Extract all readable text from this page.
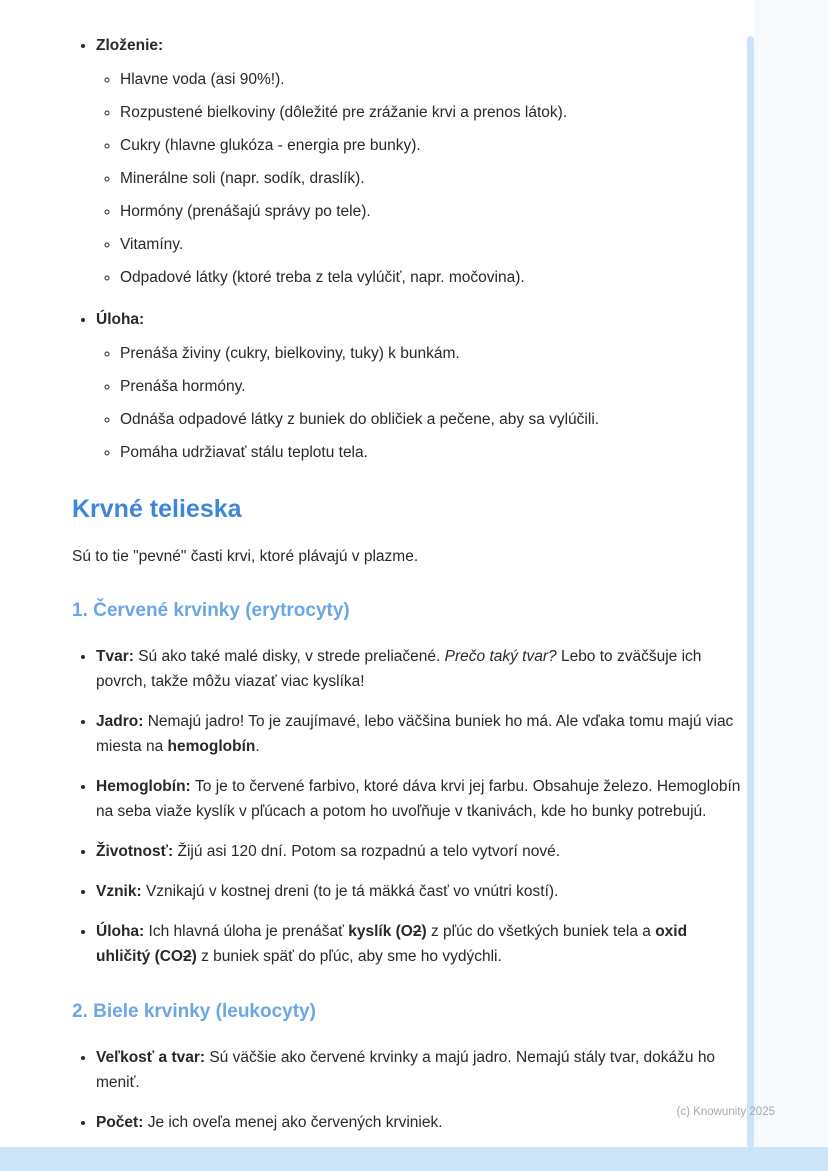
• Zloženie:
◦ Hlavne voda (asi 90%!).
◦ Rozpustené bielkoviny (dôležité pre zrážanie krvi a prenos látok).
◦ Cukry (hlavne glukóza - energia pre bunky).
◦ Minerálne soli (napr. sodík, draslík).
◦ Hormóny (prenášajú správy po tele).
◦ Vitamíny.
◦ Odpadové látky (ktoré treba z tela vylúčiť, napr. močovina).
• Úloha:
◦ Prenáša živiny (cukry, bielkoviny, tuky) k bunkám.
◦ Prenáša hormóny.
◦ Odnáša odpadové látky z buniek do obličiek a pečene, aby sa vylúčili.
◦ Pomáha udržiavať stálu teplotu tela.
Krvné telieska

Sú to tie "pevné" časti krvi, ktoré plávajú v plazme.

1. Červené krvinky (erytrocyty)
• Tvar: Sú ako také malé disky, v strede preliačené. Prečo taký tvar? Lebo to zväčšuje ich povrch, takže môžu viazať viac kyslíka!
• Jadro: Nemajú jadro! To je zaujímavé, lebo väčšina buniek ho má. Ale vďaka tomu majú viac miesta na hemoglobín.
• Hemoglobín: To je to červené farbivo, ktoré dáva krvi jej farbu. Obsahuje železo. Hemoglobín na seba viaže kyslík v pľúcach a potom ho uvoľňuje v tkanivách, kde ho bunky potrebujú.
• Životnosť: Žijú asi 120 dní. Potom sa rozpadnú a telo vytvorí nové.
• Vznik: Vznikajú v kostnej dreni (to je tá mäkká časť vo vnútri kostí).
• Úloha: Ich hlavná úloha je prenášať kyslík (O2) z pľúc do všetkých buniek tela a oxid uhličitý (CO2) z buniek späť do pľúc, aby sme ho vydýchli.
2. Biele krvinky (leukocyty)
• Veľkosť a tvar: Sú väčšie ako červené krvinky a majú jadro. Nemajú stály tvar, dokážu ho meniť.
• Počet: Je ich oveľa menej ako červených krviniek.
(c) Knowunity 2025
